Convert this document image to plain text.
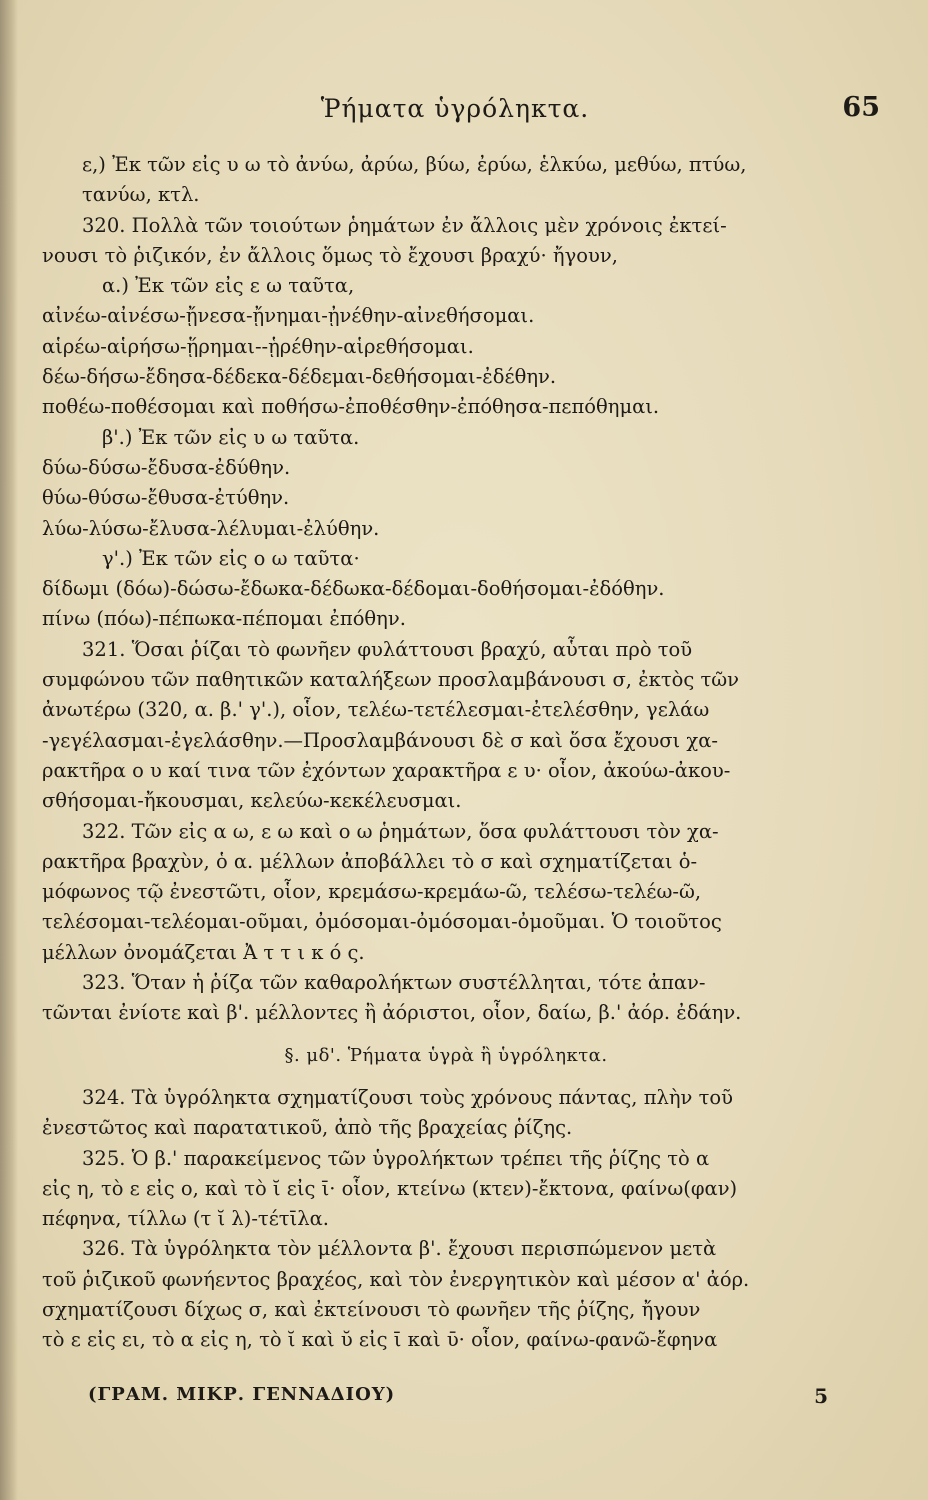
Ῥήματα ὑγρόληκτα.	65
ε,) Ἐκ τῶν εἰς υ ω τὸ ἀνύω, ἀρύω, βύω, ἐρύω, ἑλκύω, μεθύω, πτύω,
τανύω, κτλ.
320. Πολλὰ τῶν τοιούτων ῥημάτων ἐν ἄλλοις μὲν χρόνοις ἐκτεί-
νουσι τὸ ῥιζικόν, ἐν ἄλλοις ὅμως τὸ ἔχουσι βραχύ· ἤγουν,
α.) Ἐκ τῶν εἰς ε ω ταῦτα,
αἰνέω-αἰνέσω-ᾔνεσα-ᾔνημαι-ᾐνέθην-αἰνεθήσομαι.
αἱρέω-αἱρήσω-ᾕρημαι--ᾑρέθην-αἱρεθήσομαι.
δέω-δήσω-ἔδησα-δέδεκα-δέδεμαι-δεθήσομαι-ἐδέθην.
ποθέω-ποθέσομαι καὶ ποθήσω-ἐποθέσθην-ἐπόθησα-πεπόθημαι.
β'.) Ἐκ τῶν εἰς υ ω ταῦτα.
δύω-δύσω-ἔδυσα-ἐδύθην.
θύω-θύσω-ἔθυσα-ἐτύθην.
λύω-λύσω-ἔλυσα-λέλυμαι-ἐλύθην.
γ'.) Ἐκ τῶν εἰς ο ω ταῦτα·
δίδωμι (δόω)-δώσω-ἔδωκα-δέδωκα-δέδομαι-δοθήσομαι-ἐδόθην.
πίνω (πόω)-πέπωκα-πέπομαι ἐπόθην.
321. Ὅσαι ῥίζαι τὸ φωνῆεν φυλάττουσι βραχύ, αὗται πρὸ τοῦ
συμφώνου τῶν παθητικῶν καταλήξεων προσλαμβάνουσι σ, ἐκτὸς τῶν
ἀνωτέρω (320, α. β.' γ'.), οἷον, τελέω-τετέλεσμαι-ἐτελέσθην, γελάω
-γεγέλασμαι-ἐγελάσθην.—Προσλαμβάνουσι δὲ σ καὶ ὅσα ἔχουσι χα-
ρακτῆρα ο υ καί τινα τῶν ἐχόντων χαρακτῆρα ε υ· οἷον, ἀκούω-ἀκου-
σθήσομαι-ἤκουσμαι, κελεύω-κεκέλευσμαι.
322. Τῶν εἰς α ω, ε ω καὶ ο ω ῥημάτων, ὅσα φυλάττουσι τὸν χα-
ρακτῆρα βραχὺν, ὁ α. μέλλων ἀποβάλλει τὸ σ καὶ σχηματίζεται ὁ-
μόφωνος τῷ ἐνεστῶτι, οἷον, κρεμάσω-κρεμάω-ῶ, τελέσω-τελέω-ῶ,
τελέσομαι-τελέομαι-οῦμαι, ὀμόσομαι-ὀμόσομαι-ὀμοῦμαι. Ὁ τοιοῦτος
μέλλων ὀνομάζεται Ἀ τ τ ι κ ό ς.
323. Ὅταν ἡ ῥίζα τῶν καθαρολήκτων συστέλληται, τότε ἀπαν-
τῶνται ἐνίοτε καὶ β'. μέλλοντες ἢ ἀόριστοι, οἷον, δαίω, β.' ἀόρ. ἐδάην.
§. μδ'. Ῥήματα ὑγρὰ ἢ ὑγρόληκτα.
324. Τὰ ὑγρόληκτα σχηματίζουσι τοὺς χρόνους πάντας, πλὴν τοῦ
ἐνεστῶτος καὶ παρατατικοῦ, ἀπὸ τῆς βραχείας ῥίζης.
325. Ὁ β.' παρακείμενος τῶν ὑγρολήκτων τρέπει τῆς ῥίζης τὸ α
εἰς η, τὸ ε εἰς ο, καὶ τὸ ῐ εἰς ῑ· οἷον, κτείνω (κτεν)-ἔκτονα, φαίνω(φαν)
πέφηνα, τίλλω (τ ῐ λ)-τέτῑλα.
326. Τὰ ὑγρόληκτα τὸν μέλλοντα β'. ἔχουσι περισπώμενον μετὰ
τοῦ ῥιζικοῦ φωνήεντος βραχέος, καὶ τὸν ἐνεργητικὸν καὶ μέσον α' ἀόρ.
σχηματίζουσι δίχως σ, καὶ ἐκτείνουσι τὸ φωνῆεν τῆς ῥίζης, ἤγουν
τὸ ε εἰς ει, τὸ α εἰς η, τὸ ῐ καὶ ῠ εἰς ῑ καὶ ῡ· οἷον, φαίνω-φανῶ-ἔφηνα
(ΓΡΑΜ. ΜΙΚΡ. ΓΕΝΝΑΔΙΟΥ)	5
